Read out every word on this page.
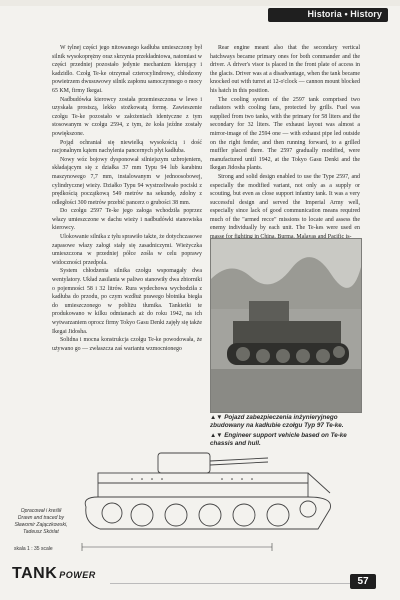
Historia • History

W tylnej części jego nitowanego kadłuba umieszczony był silnik wysokoprężny oraz skrzynia przekładniowa, natomiast w części przedniej pozostało jedynie mechanizm kierujący i kadzidlo. Czołg Te-ke otrzymał czterocylindrowy, chłodzony powietrzem dwusuwowy silnik zapłonu samoczynnego o mocy 65 KM, firmy Ikegai.

Nadbudówka kierowcy została przemieszczona w lewo i uzyskała prostszą, lekko stożkowatą formę. Zawieszenie czołgu Te-ke pozostało w założeniach identyczne z tym stosowanym w czołgu 2594, z tym, że koła jeźdne zostały powiększone.

Pojąd ochraniał się niewielką wysokością i dość racjonalnym kątem nachylenia pancernych płyt kadłuba.

Nowy wóz bojowy dysponował silniejszym uzbrojeniem, składającym się z działka 37 mm Typu 94 lub karabinu maszynowego 7,7 mm, instalowanym w jednoosobowej, cylindrycznej wieży. Działko Typu 94 wystrzeliwało pociski z prędkością początkową 549 metrów na sekundę, zdolny z odległości 300 metrów przebić pancerz o grubości 38 mm.

Do czołgu 2597 Te-ke jego załoga wchodziła poprzez włazy umieszczone w dachu wieży i nadbudówki stanowiska kierowcy.

Ulokowanie silnika z tyłu sprawiło także, że dotychczasowe zapasowe włazy załogi stały się zasadniczymi. Wieżyczka umieszczona w przedniej półce zośła w celu poprawy widoczności przedpola.

System chłodzenia silnika czołgu wspomagały dwa wentylatory. Układ zasilania w paliwo stanowiły dwa zbiorniki o pojemności 58 i 32 litrów. Rura wydechowa wychodziła z kadłuba do przodu, po czym wzdłuż prawego błotnika biegła do umieszczonego w pobliżu tłumika. Tankietki te produkowano w kilku odmianach aż do roku 1942, na ich wytwarzaniem oprocz firmy Tokyo Gasu Denki zajęły się także Ikegai Jidosha.

Solidna i mocna konstrukcja czołgu Te-ke powodowała, że używano go — zwłaszcza zaś wariantu wzmocnionego

Rear engine meant also that the secondary vertical hatchways became primary ones for both commander and the driver. A driver's visor is placed in the front plate of access in the glacis. Driver was at a disadvantage, when the tank became knocked out with turret at 12-o'clock — cannon mount blocked his hatch in this position.

The cooling system of the 2597 tank comprised two radiators with cooling fans, protected by grills. Fuel was supplied from two tanks, with the primary for 58 liters and the secondary for 32 liters. The exhaust layout was almost a mirror-image of the 2594 one — with exhaust pipe led outside on the right fender, and then running forward, to a grilled muffler placed there. The 2597 gradually modified, were manufactured until 1942, at the Tokyo Gasu Denki and the Ikegan Jidosha plants.

Strong and solid design enabled to use the Type 2597, and especially the modified variant, not only as a supply or scouting, but even as close support infantry tank. It was a very successful design and served the Imperial Army well, especially since lack of good communication means required much of the "armed recce" missions to locate and assess the enemy individually by each unit. The Te-kes were used en

▲▼ Pojazd zabezpieczenia inżynieryjnego zbudowany na kadłubie czołgu Typ 97 Te-ke.
▲▼ Engineer support vehicle based on Te-ke chassis and hull.
Opracował i kreślił
Drawn and traced by
Sławomir Zajączkowski,
Tadeusz Skórlat
skala 1 : 35 scale
TANK POWER
57
